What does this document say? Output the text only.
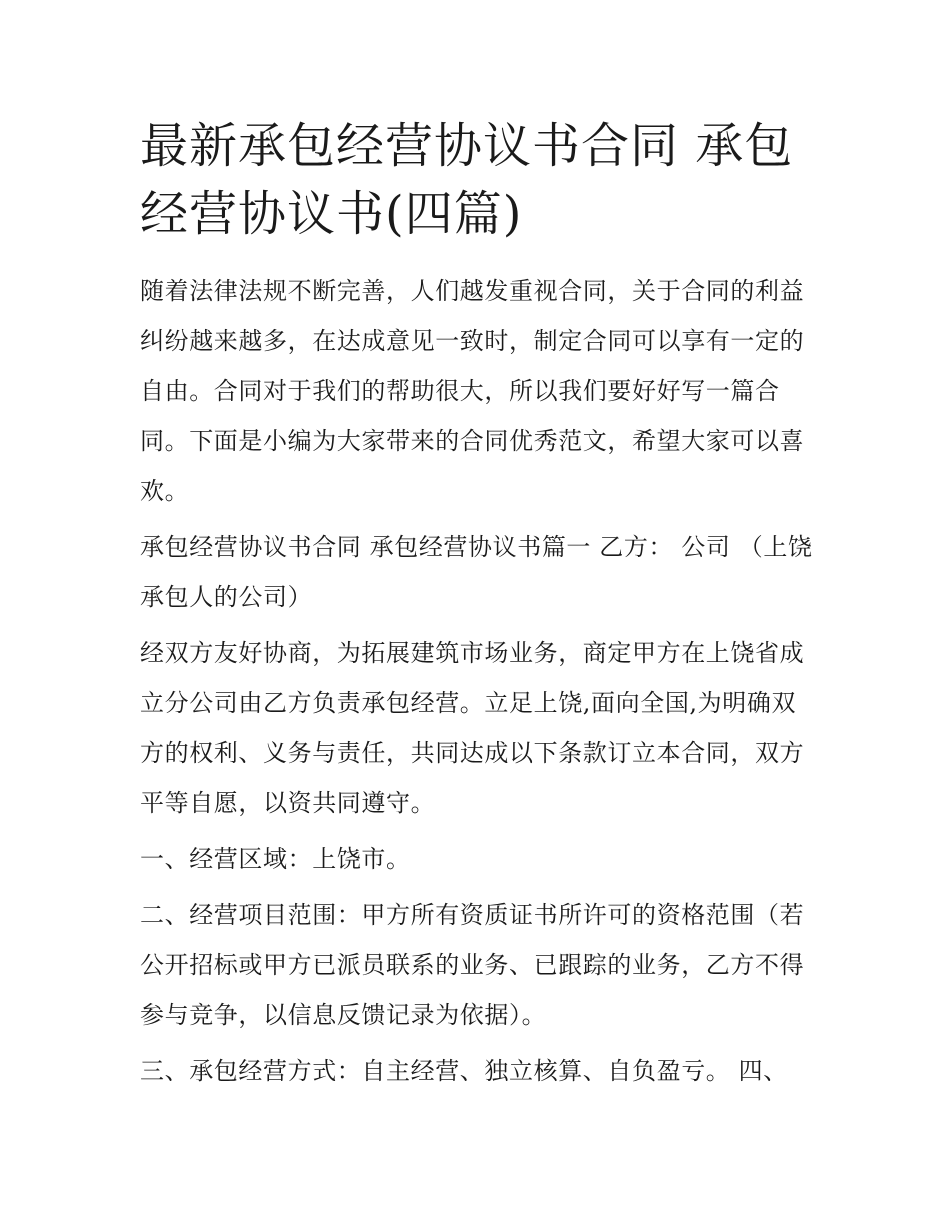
最新承包经营协议书合同 承包经营协议书(四篇)

随着法律法规不断完善，人们越发重视合同，关于合同的利益纠纷越来越多，在达成意见一致时，制定合同可以享有一定的自由。合同对于我们的帮助很大，所以我们要好好写一篇合同。下面是小编为大家带来的合同优秀范文，希望大家可以喜欢。

承包经营协议书合同 承包经营协议书篇一 乙方： 公司 （上饶承包人的公司）

经双方友好协商，为拓展建筑市场业务，商定甲方在上饶省成立分公司由乙方负责承包经营。立足上饶,面向全国,为明确双方的权利、义务与责任，共同达成以下条款订立本合同，双方平等自愿，以资共同遵守。

一、经营区域：上饶市。

二、经营项目范围：甲方所有资质证书所许可的资格范围（若公开招标或甲方已派员联系的业务、已跟踪的业务，乙方不得参与竞争，以信息反馈记录为依据）。

三、承包经营方式：自主经营、独立核算、自负盈亏。 四、
